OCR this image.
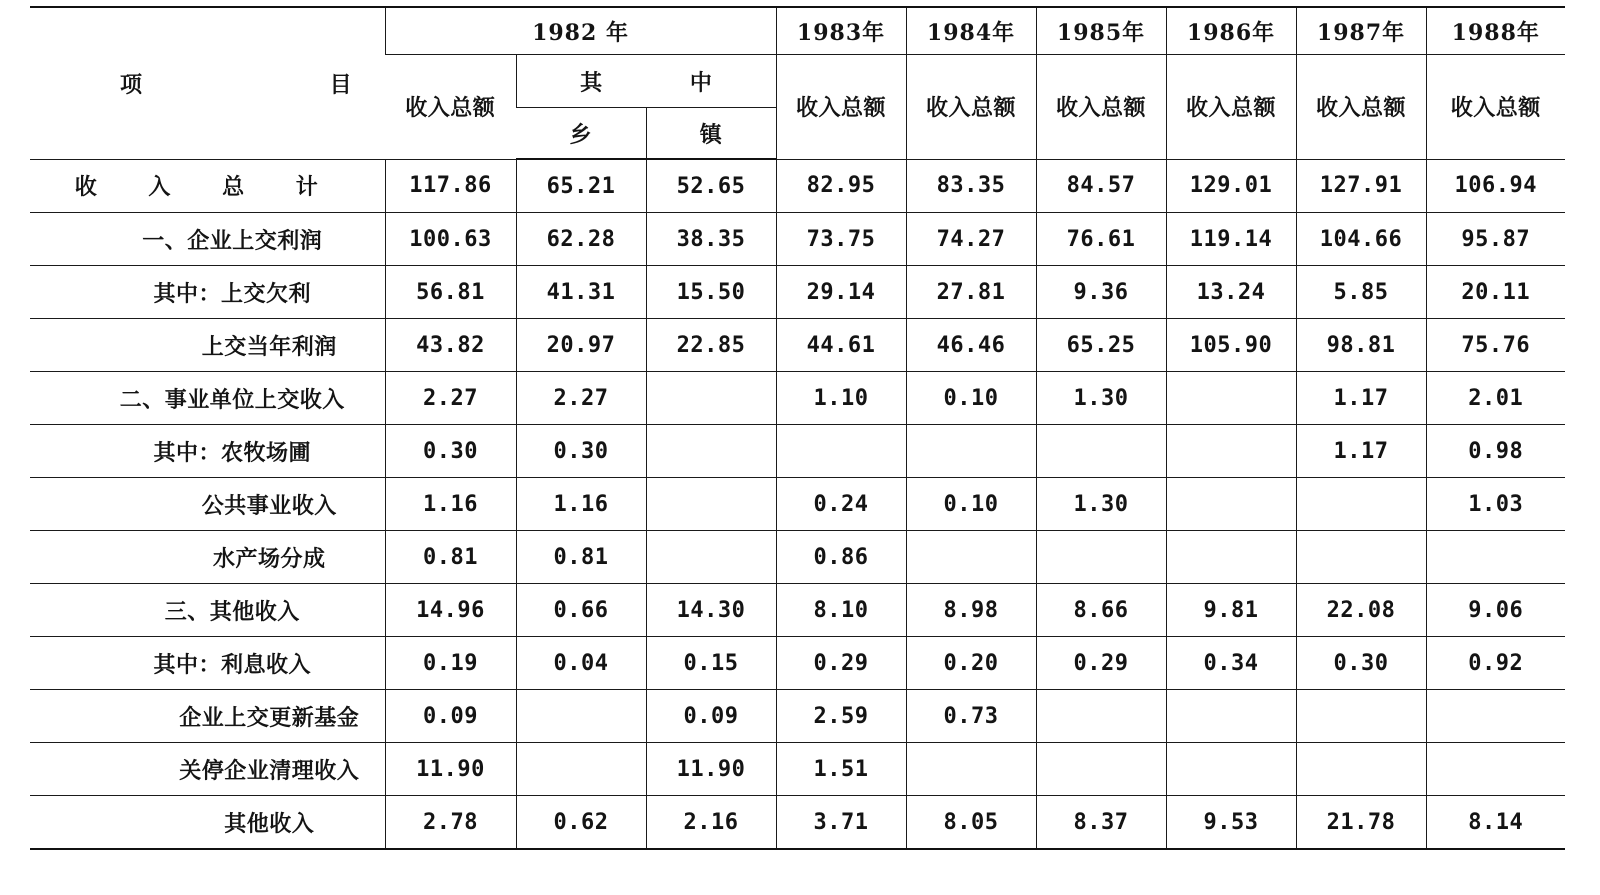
项 目	1982 年			1983年	1984年	1985年	1986年	1987年	1988年
	收入总额	其 中		收入总额	收入总额	收入总额	收入总额	收入总额	收入总额
		乡	镇						
收 入 总 计	117.86	65.21	52.65	82.95	83.35	84.57	129.01	127.91	106.94
一、企业上交利润	100.63	62.28	38.35	73.75	74.27	76.61	119.14	104.66	95.87
其中：上交欠利	56.81	41.31	15.50	29.14	27.81	9.36	13.24	5.85	20.11
上交当年利润	43.82	20.97	22.85	44.61	46.46	65.25	105.90	98.81	75.76
二、事业单位上交收入	2.27	2.27		1.10	0.10	1.30		1.17	2.01
其中：农牧场圃	0.30	0.30						1.17	0.98
公共事业收入	1.16	1.16		0.24	0.10	1.30			1.03
水产场分成	0.81	0.81		0.86					
三、其他收入	14.96	0.66	14.30	8.10	8.98	8.66	9.81	22.08	9.06
其中：利息收入	0.19	0.04	0.15	0.29	0.20	0.29	0.34	0.30	0.92
企业上交更新基金	0.09		0.09	2.59	0.73				
关停企业清理收入	11.90		11.90	1.51					
其他收入	2.78	0.62	2.16	3.71	8.05	8.37	9.53	21.78	8.14
